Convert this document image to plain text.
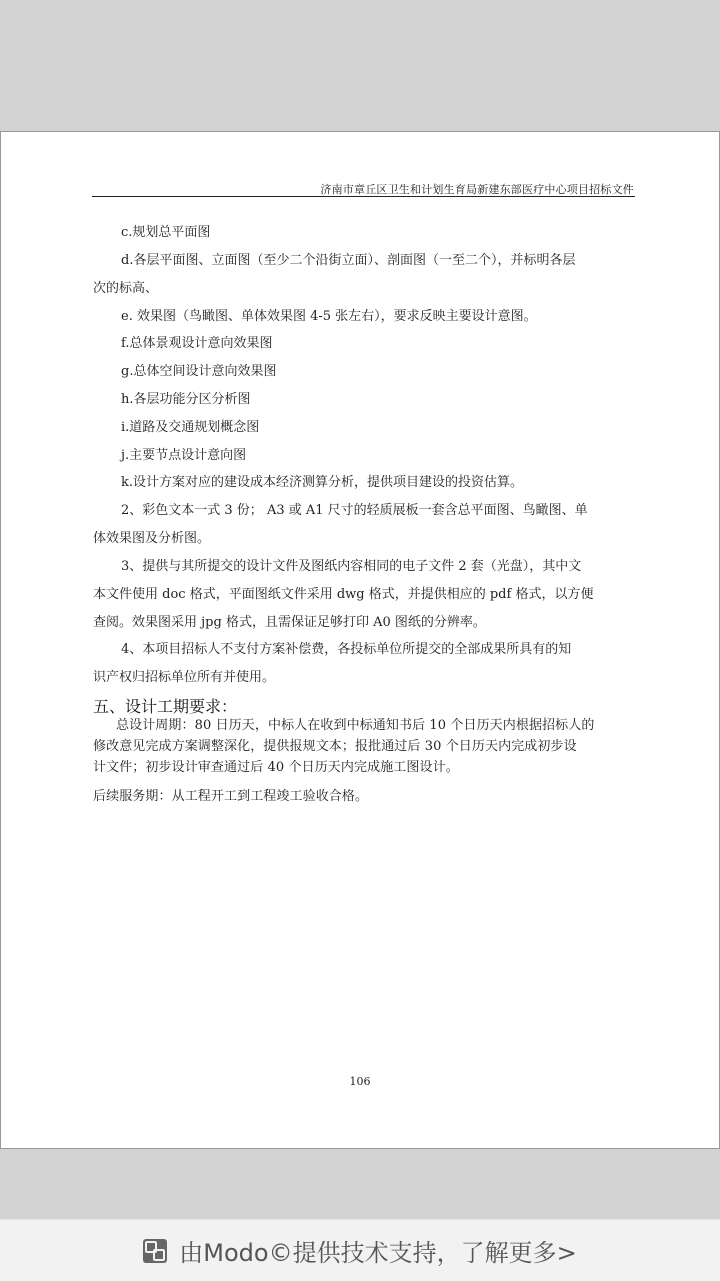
济南市章丘区卫生和计划生育局新建东部医疗中心项目招标文件
c.规划总平面图
d.各层平面图、立面图（至少二个沿街立面）、剖面图（一至二个），并标明各层
次的标高、
e. 效果图（鸟瞰图、单体效果图 4-5 张左右），要求反映主要设计意图。
f.总体景观设计意向效果图
g.总体空间设计意向效果图
h.各层功能分区分析图
i.道路及交通规划概念图
j.主要节点设计意向图
k.设计方案对应的建设成本经济测算分析，提供项目建设的投资估算。
2、彩色文本一式 3 份； A3 或 A1 尺寸的轻质展板一套含总平面图、鸟瞰图、单
体效果图及分析图。
3、提供与其所提交的设计文件及图纸内容相同的电子文件 2 套（光盘），其中文
本文件使用 doc 格式，平面图纸文件采用 dwg 格式，并提供相应的 pdf 格式，以方便
查阅。效果图采用 jpg 格式，且需保证足够打印 A0 图纸的分辨率。
4、本项目招标人不支付方案补偿费，各投标单位所提交的全部成果所具有的知
识产权归招标单位所有并使用。
五、设计工期要求：
总设计周期：80 日历天，中标人在收到中标通知书后 10 个日历天内根据招标人的
修改意见完成方案调整深化，提供报规文本；报批通过后 30 个日历天内完成初步设
计文件；初步设计审查通过后 40 个日历天内完成施工图设计。
后续服务期：从工程开工到工程竣工验收合格。
106
由Modo©提供技术支持，了解更多>
